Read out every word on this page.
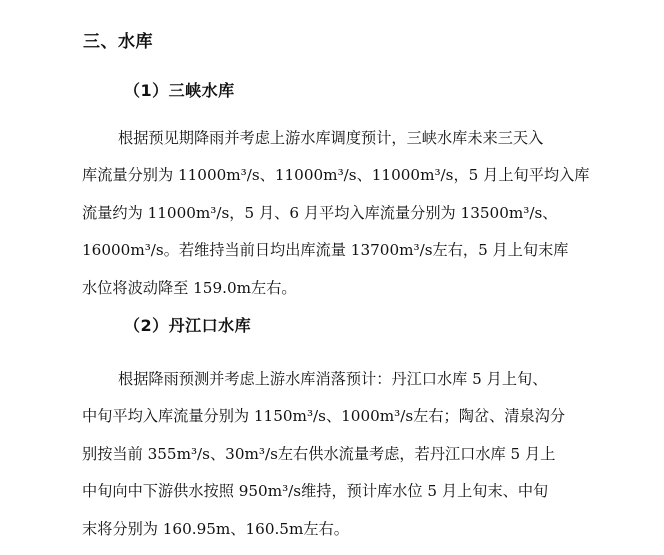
三、水库
（1）三峡水库
根据预见期降雨并考虑上游水库调度预计，三峡水库未来三天入
库流量分别为 11000m³/s、11000m³/s、11000m³/s，5 月上旬平均入库
流量约为 11000m³/s，5 月、6 月平均入库流量分别为 13500m³/s、
16000m³/s。若维持当前日均出库流量 13700m³/s左右，5 月上旬末库
水位将波动降至 159.0m左右。
（2）丹江口水库
根据降雨预测并考虑上游水库消落预计：丹江口水库 5 月上旬、
中旬平均入库流量分别为 1150m³/s、1000m³/s左右；陶岔、清泉沟分
别按当前 355m³/s、30m³/s左右供水流量考虑，若丹江口水库 5 月上
中旬向中下游供水按照 950m³/s维持，预计库水位 5 月上旬末、中旬
末将分别为 160.95m、160.5m左右。
